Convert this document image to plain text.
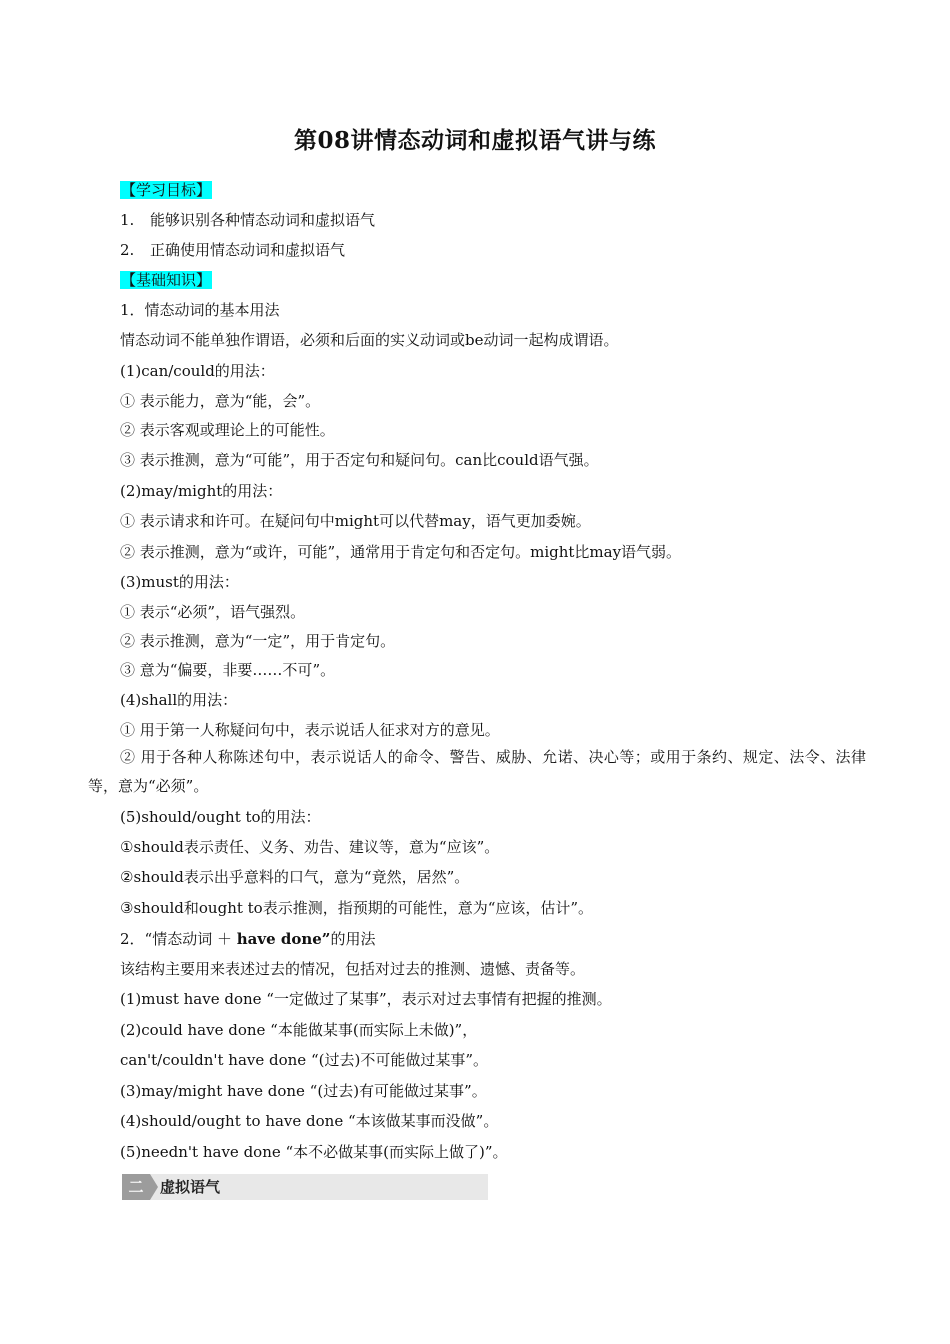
第08讲情态动词和虚拟语气讲与练
【学习目标】
1. 能够识别各种情态动词和虚拟语气
2. 正确使用情态动词和虚拟语气
【基础知识】
1．情态动词的基本用法
情态动词不能单独作谓语，必须和后面的实义动词或be动词一起构成谓语。
(1)can/could的用法：
① 表示能力，意为“能，会”。
② 表示客观或理论上的可能性。
③ 表示推测，意为“可能”，用于否定句和疑问句。can比could语气强。
(2)may/might的用法：
① 表示请求和许可。在疑问句中might可以代替may，语气更加委婉。
② 表示推测，意为“或许，可能”，通常用于肯定句和否定句。might比may语气弱。
(3)must的用法：
① 表示“必须”，语气强烈。
② 表示推测，意为“一定”，用于肯定句。
③ 意为“偏要，非要……不可”。
(4)shall的用法：
① 用于第一人称疑问句中，表示说话人征求对方的意见。
② 用于各种人称陈述句中，表示说话人的命令、警告、威胁、允诺、决心等；或用于条约、规定、法令、法律等，意为“必须”。
(5)should/ought to的用法：
①should表示责任、义务、劝告、建议等，意为“应该”。
②should表示出乎意料的口气，意为“竟然，居然”。
③should和ought to表示推测，指预期的可能性，意为“应该，估计”。
2．“情态动词 ＋ have done”的用法
该结构主要用来表述过去的情况，包括对过去的推测、遗憾、责备等。
(1)must have done “一定做过了某事”，表示对过去事情有把握的推测。
(2)could have done “本能做某事(而实际上未做)”，
can't/couldn't have done “(过去)不可能做过某事”。
(3)may/might have done “(过去)有可能做过某事”。
(4)should/ought to have done “本该做某事而没做”。
(5)needn't have done “本不必做某事(而实际上做了)”。
二	虚拟语气
